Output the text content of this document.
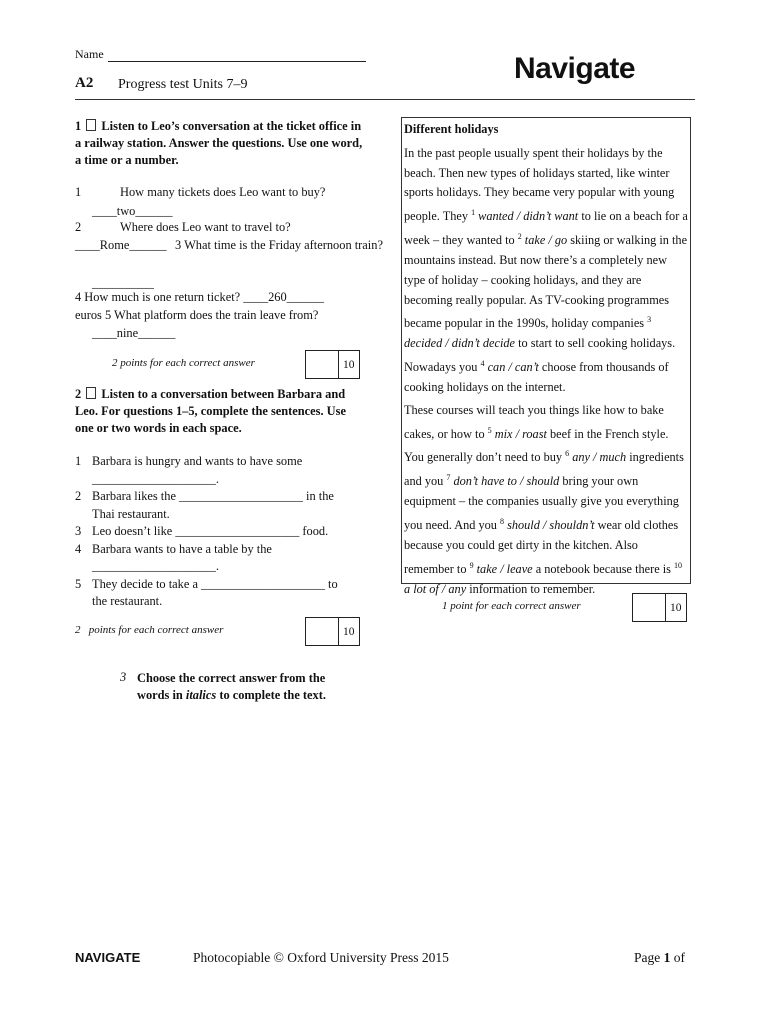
Name
A2 Progress test Units 7–9	Navigate
1 Listen to Leo’s conversation at the ticket office in a railway station. Answer the questions. Use one word, a time or a number.
1	How many tickets does Leo want to buy?
____two______
2	Where does Leo want to travel to?
____Rome______ 3 What time is the Friday afternoon train?
__________
4 How much is one return ticket? ____260______
euros 5 What platform does the train leave from?
____nine______
2 points for each correct answer	10
2 Listen to a conversation between Barbara and Leo. For questions 1–5, complete the sentences. Use one or two words in each space.
1 Barbara is hungry and wants to have some
____________________.
2 Barbara likes the ____________________ in the
Thai restaurant.
3 Leo doesn’t like ____________________ food.
4 Barbara wants to have a table by the
____________________.
5 They decide to take a ____________________ to
the restaurant.
2 points for each correct answer	10
3 Choose the correct answer from the
words in italics to complete the text.
Different holidays

In the past people usually spent their holidays by the beach. Then new types of holidays started, like winter sports holidays. They became very popular with young people. They $^1$ wanted / didn’t want to lie on a beach for a week – they wanted to $^2$ take / go skiing or walking in the mountains instead. But now there’s a completely new type of holiday – cooking holidays, and they are becoming really popular. As TV-cooking programmes became popular in the 1990s, holiday companies $^3$ decided / didn’t decide to start to sell cooking holidays. Nowadays you $^4$ can / can’t choose from thousands of cooking holidays on the internet.

These courses will teach you things like how to bake cakes, or how to $^5$ mix / roast beef in the French style. You generally don’t need to buy $^6$ any / much ingredients and you $^7$ don’t have to / should bring your own equipment – the companies usually give you everything you need. And you $^8$ should / shouldn’t wear old clothes because you could get dirty in the kitchen. Also remember to $^9$ take / leave a notebook because there is $^{10}$ a lot of / any information to remember.

1 point for each correct answer	10
NAVIGATE	Photocopiable © Oxford University Press 2015	Page 1 of
